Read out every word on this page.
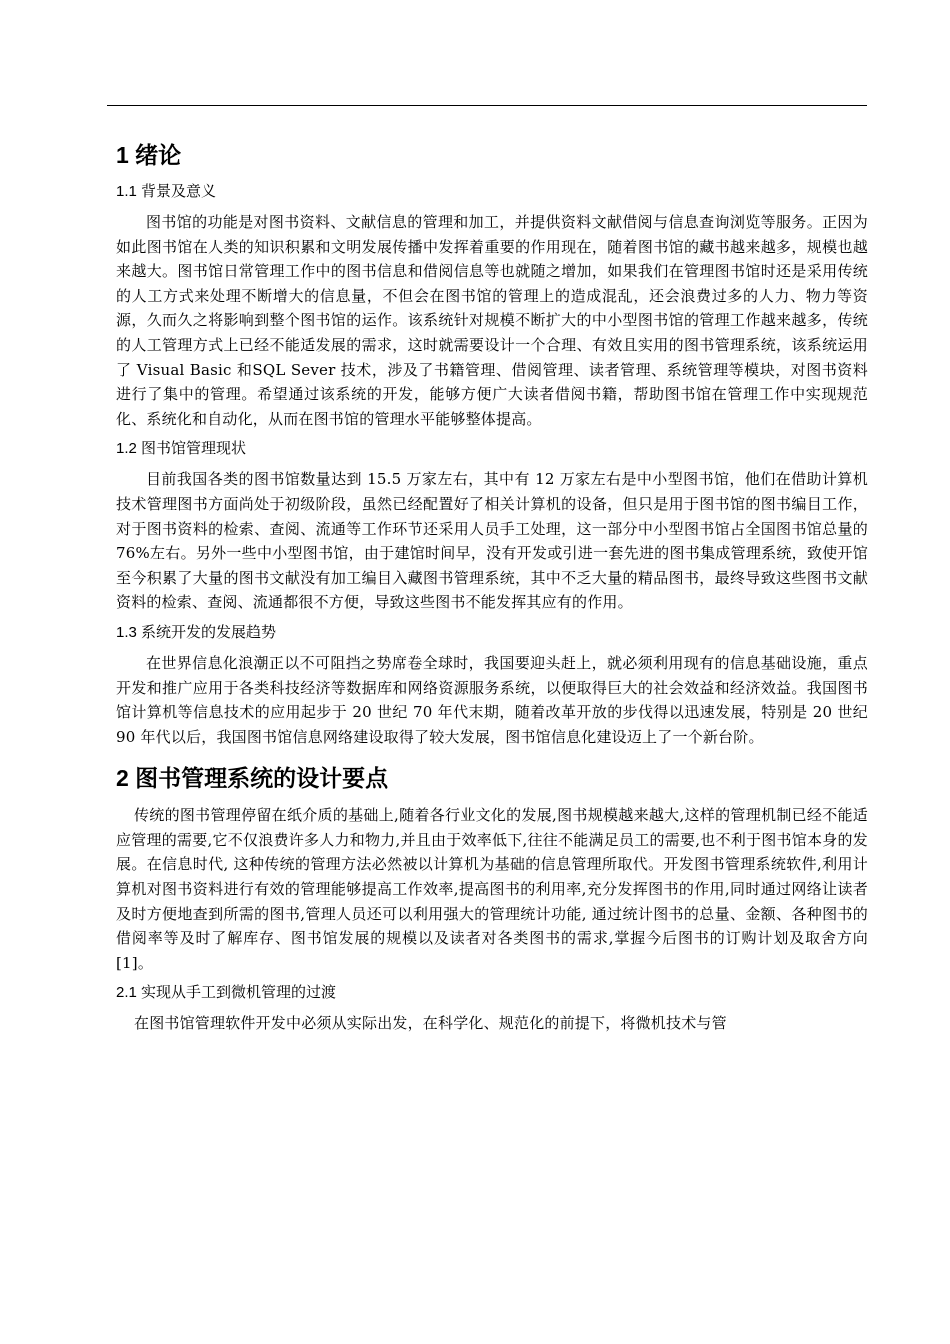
1 绪论
1.1 背景及意义

图书馆的功能是对图书资料、文献信息的管理和加工，并提供资料文献借阅与信息查询浏览等服务。正因为如此图书馆在人类的知识积累和文明发展传播中发挥着重要的作用现在，随着图书馆的藏书越来越多，规模也越来越大。图书馆日常管理工作中的图书信息和借阅信息等也就随之增加，如果我们在管理图书馆时还是采用传统的人工方式来处理不断增大的信息量，不但会在图书馆的管理上的造成混乱，还会浪费过多的人力、物力等资源，久而久之将影响到整个图书馆的运作。该系统针对规模不断扩大的中小型图书馆的管理工作越来越多，传统的人工管理方式上已经不能适发展的需求，这时就需要设计一个合理、有效且实用的图书管理系统，该系统运用了 Visual Basic 和SQL Sever 技术，涉及了书籍管理、借阅管理、读者管理、系统管理等模块，对图书资料进行了集中的管理。希望通过该系统的开发，能够方便广大读者借阅书籍，帮助图书馆在管理工作中实现规范化、系统化和自动化，从而在图书馆的管理水平能够整体提高。

1.2 图书馆管理现状

目前我国各类的图书馆数量达到 15.5 万家左右，其中有 12 万家左右是中小型图书馆，他们在借助计算机技术管理图书方面尚处于初级阶段，虽然已经配置好了相关计算机的设备，但只是用于图书馆的图书编目工作，对于图书资料的检索、查阅、流通等工作环节还采用人员手工处理，这一部分中小型图书馆占全国图书馆总量的 76%左右。另外一些中小型图书馆，由于建馆时间早，没有开发或引进一套先进的图书集成管理系统，致使开馆至今积累了大量的图书文献没有加工编目入藏图书管理系统，其中不乏大量的精品图书，最终导致这些图书文献资料的检索、查阅、流通都很不方便，导致这些图书不能发挥其应有的作用。

1.3 系统开发的发展趋势

在世界信息化浪潮正以不可阻挡之势席卷全球时，我国要迎头赶上，就必须利用现有的信息基础设施，重点开发和推广应用于各类科技经济等数据库和网络资源服务系统，以便取得巨大的社会效益和经济效益。我国图书馆计算机等信息技术的应用起步于 20 世纪 70 年代末期，随着改革开放的步伐得以迅速发展，特别是 20 世纪 90 年代以后，我国图书馆信息网络建设取得了较大发展，图书馆信息化建设迈上了一个新台阶。

2 图书管理系统的设计要点

传统的图书管理停留在纸介质的基础上,随着各行业文化的发展,图书规模越来越大,这样的管理机制已经不能适应管理的需要,它不仅浪费许多人力和物力,并且由于效率低下,往往不能满足员工的需要,也不利于图书馆本身的发展。在信息时代, 这种传统的管理方法必然被以计算机为基础的信息管理所取代。开发图书管理系统软件,利用计算机对图书资料进行有效的管理能够提高工作效率,提高图书的利用率,充分发挥图书的作用,同时通过网络让读者及时方便地查到所需的图书,管理人员还可以利用强大的管理统计功能, 通过统计图书的总量、金额、各种图书的借阅率等及时了解库存、图书馆发展的规模以及读者对各类图书的需求,掌握今后图书的订购计划及取舍方向[1]。

2.1 实现从手工到微机管理的过渡

在图书馆管理软件开发中必须从实际出发，在科学化、规范化的前提下，将微机技术与管
